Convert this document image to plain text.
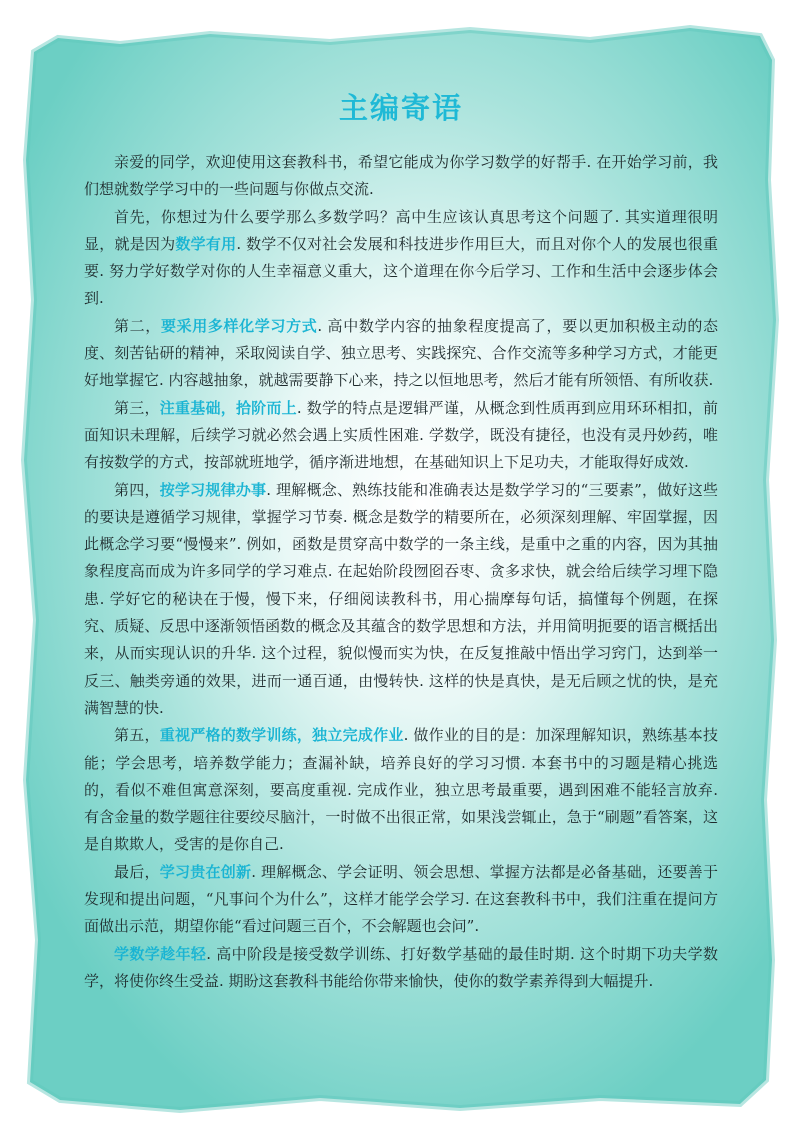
主编寄语

亲爱的同学，欢迎使用这套教科书，希望它能成为你学习数学的好帮手. 在开始学习前，我们想就数学学习中的一些问题与你做点交流.

首先，你想过为什么要学那么多数学吗？高中生应该认真思考这个问题了. 其实道理很明显，就是因为数学有用. 数学不仅对社会发展和科技进步作用巨大，而且对你个人的发展也很重要. 努力学好数学对你的人生幸福意义重大，这个道理在你今后学习、工作和生活中会逐步体会到.

第二，要采用多样化学习方式. 高中数学内容的抽象程度提高了，要以更加积极主动的态度、刻苦钻研的精神，采取阅读自学、独立思考、实践探究、合作交流等多种学习方式，才能更好地掌握它. 内容越抽象，就越需要静下心来，持之以恒地思考，然后才能有所领悟、有所收获.

第三，注重基础，拾阶而上. 数学的特点是逻辑严谨，从概念到性质再到应用环环相扣，前面知识未理解，后续学习就必然会遇上实质性困难. 学数学，既没有捷径，也没有灵丹妙药，唯有按数学的方式，按部就班地学，循序渐进地想，在基础知识上下足功夫，才能取得好成效.

第四，按学习规律办事. 理解概念、熟练技能和准确表达是数学学习的“三要素”，做好这些的要诀是遵循学习规律，掌握学习节奏. 概念是数学的精要所在，必须深刻理解、牢固掌握，因此概念学习要“慢慢来”. 例如，函数是贯穿高中数学的一条主线，是重中之重的内容，因为其抽象程度高而成为许多同学的学习难点. 在起始阶段囫囵吞枣、贪多求快，就会给后续学习埋下隐患. 学好它的秘诀在于慢，慢下来，仔细阅读教科书，用心揣摩每句话，搞懂每个例题，在探究、质疑、反思中逐渐领悟函数的概念及其蕴含的数学思想和方法，并用简明扼要的语言概括出来，从而实现认识的升华. 这个过程，貌似慢而实为快，在反复推敲中悟出学习窍门，达到举一反三、触类旁通的效果，进而一通百通，由慢转快. 这样的快是真快，是无后顾之忧的快，是充满智慧的快.

第五，重视严格的数学训练，独立完成作业. 做作业的目的是：加深理解知识，熟练基本技能；学会思考，培养数学能力；查漏补缺，培养良好的学习习惯. 本套书中的习题是精心挑选的，看似不难但寓意深刻，要高度重视. 完成作业，独立思考最重要，遇到困难不能轻言放弃. 有含金量的数学题往往要绞尽脑汁，一时做不出很正常，如果浅尝辄止，急于“刷题”看答案，这是自欺欺人，受害的是你自己.

最后，学习贵在创新. 理解概念、学会证明、领会思想、掌握方法都是必备基础，还要善于发现和提出问题，“凡事问个为什么”，这样才能学会学习. 在这套教科书中，我们注重在提问方面做出示范，期望你能“看过问题三百个，不会解题也会问”.

学数学趁年轻. 高中阶段是接受数学训练、打好数学基础的最佳时期. 这个时期下功夫学数学，将使你终生受益. 期盼这套教科书能给你带来愉快，使你的数学素养得到大幅提升.
